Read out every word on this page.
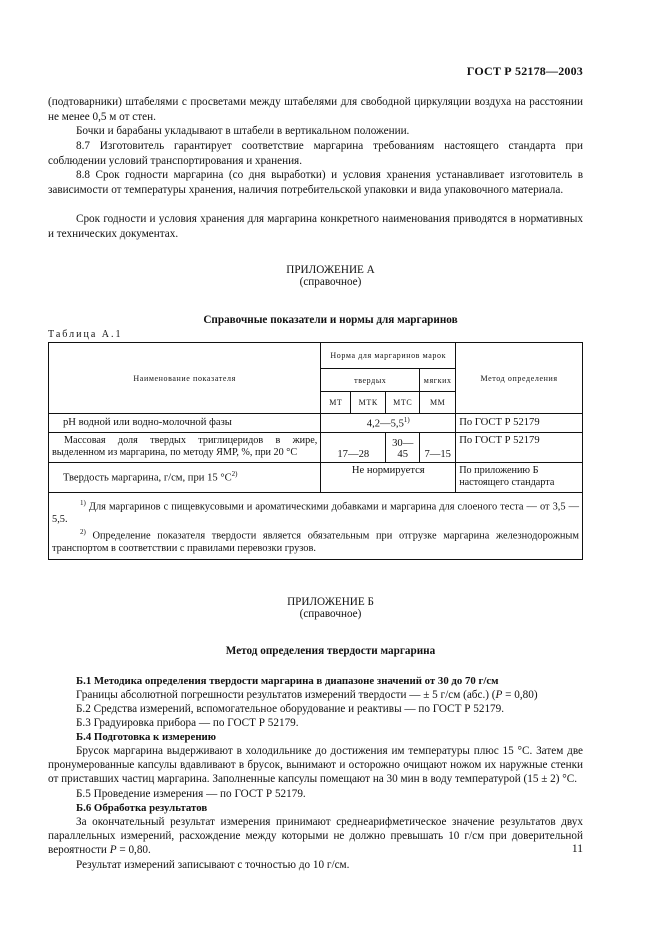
ГОСТ Р 52178—2003

(подтоварники) штабелями с просветами между штабелями для свободной циркуляции воздуха на расстоянии не менее 0,5 м от стен.

Бочки и барабаны укладывают в штабели в вертикальном положении.

8.7 Изготовитель гарантирует соответствие маргарина требованиям настоящего стандарта при соблюдении условий транспортирования и хранения.

8.8 Срок годности маргарина (со дня выработки) и условия хранения устанавливает изготовитель в зависимости от температуры хранения, наличия потребительской упаковки и вида упаковочного материала.

Срок годности и условия хранения для маргарина конкретного наименования приводятся в нормативных и технических документах.

ПРИЛОЖЕНИЕ А
(справочное)
Справочные показатели и нормы для маргаринов
Таблица А.1
Наименование показателя	Норма для маргаринов марок				Метод определения
	твердых			мягких	
	МТ	МТК	МТС	ММ	
pH водной или водно-молочной фазы	4,2—5,5$^{1)}$				По ГОСТ Р 52179
Массовая доля твердых триглицеридов в жире, выделенном из маргарина, по методу ЯМР, %, при 20 °С	17—28		30—45	7—15	По ГОСТ Р 52179
Твердость маргарина, г/см, при 15 $^\circ С^{2)}$	Не нормируется				По приложению Б настоящего стандарта

$^{1)}$ Для маргаринов с пищевкусовыми и ароматическими добавками и маргарина для слоеного теста — от 3,5 — 5,5.

$^{2)}$ Определение показателя твердости является обязательным при отгрузке маргарина железнодорожным транспортом в соответствии с правилами перевозки грузов.					

ПРИЛОЖЕНИЕ Б
(справочное)
Метод определения твердости маргарина

Б.1 Методика определения твердости маргарина в диапазоне значений от 30 до 70 г/см

Границы абсолютной погрешности результатов измерений твердости — ± 5 г/см (абс.) (P = 0,80)

Б.2 Средства измерений, вспомогательное оборудование и реактивы — по ГОСТ Р 52179.

Б.3 Градуировка прибора — по ГОСТ Р 52179.

Б.4 Подготовка к измерению

Брусок маргарина выдерживают в холодильнике до достижения им температуры плюс 15 °С. Затем две пронумерованные капсулы вдавливают в брусок, вынимают и осторожно очищают ножом их наружные стенки от приставших частиц маргарина. Заполненные капсулы помещают на 30 мин в воду температурой (15 ± 2) °С.

Б.5 Проведение измерения — по ГОСТ Р 52179.

Б.6 Обработка результатов

За окончательный результат измерения принимают среднеарифметическое значение результатов двух параллельных измерений, расхождение между которыми не должно превышать 10 г/см при доверительной вероятности P = 0,80.

Результат измерений записывают с точностью до 10 г/см.

11
